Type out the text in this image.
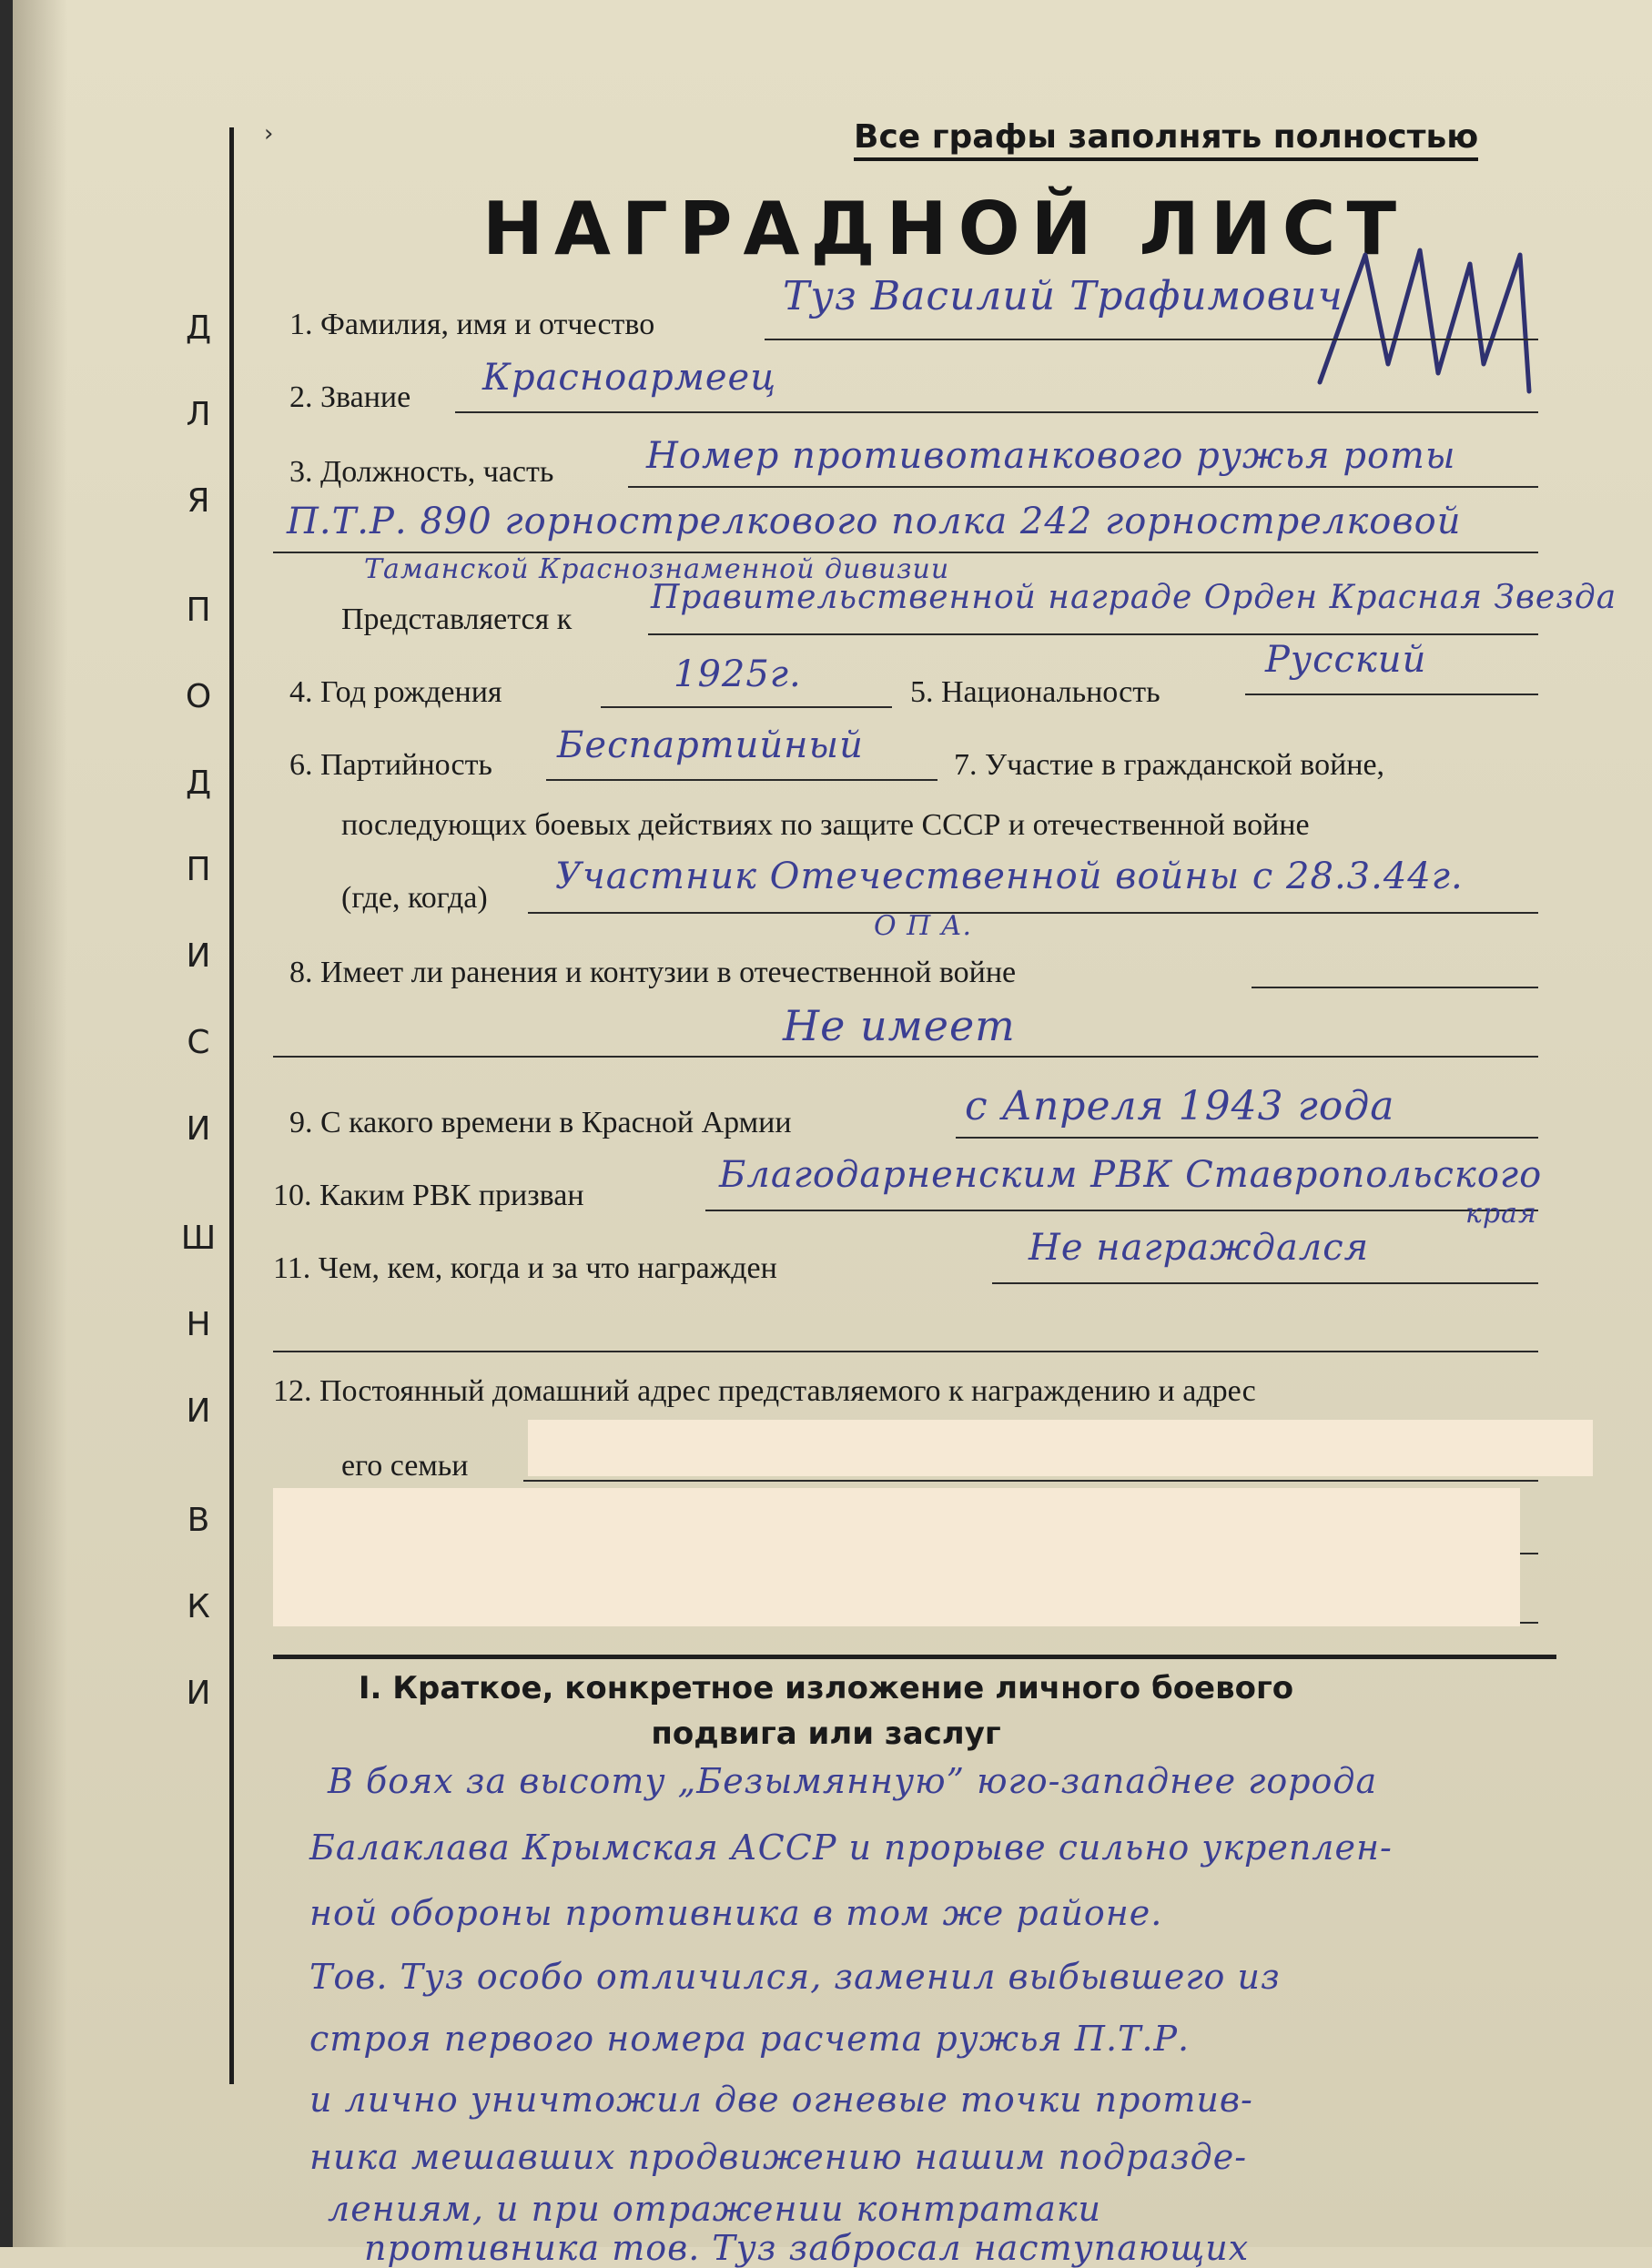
›
Д
Л
Я
П
О
Д
П
И
С
И
Ш
Н
И
В
К
И
Все графы заполнять полностью
НАГРАДНОЙ ЛИСТ
1. Фамилия, имя и отчество
Туз Василий Трафимович
2. Звание Красноармеец
3. Должность, часть	Номер противотанкового ружья роты
П.Т.Р. 890 горнострелкового полка 242 горнострелковой
Таманской Краснознаменной дивизии
Представляется к
Правительственной награде Орден Красная Звезда
4. Год рождения	1925г.	5. Национальность
Русский
6. Партийность Беспартийный	7. Участие в гражданской войне,
последующих боевых действиях по защите СССР и отечественной войне
(где, когда)
Участник Отечественной войны с 28.3.44г.
О П А.
8. Имеет ли ранения и контузии в отечественной войне
Не имеет
9. С какого времени в Красной Армии	с Апреля 1943 года
10. Каким РВК призван	Благодарненским РВК Ставропольского
края
11. Чем, кем, когда и за что награжден	Не награждался
12. Постоянный домашний адрес представляемого к награждению и адрес
его семьи
I. Краткое, конкретное изложение личного боевого
подвига или заслуг
В боях за высоту „Безымянную” юго-западнее города
Балаклава Крымская АССР и прорыве сильно укреплен-
ной обороны противника в том же районе.
Тов. Туз особо отличился, заменил выбывшего из
строя первого номера расчета ружья П.Т.Р.
и лично уничтожил две огневые точки против-
ника мешавших продвижению нашим подразде-
лениям, и при отражении контратаки
противника тов. Туз забросал наступающих
